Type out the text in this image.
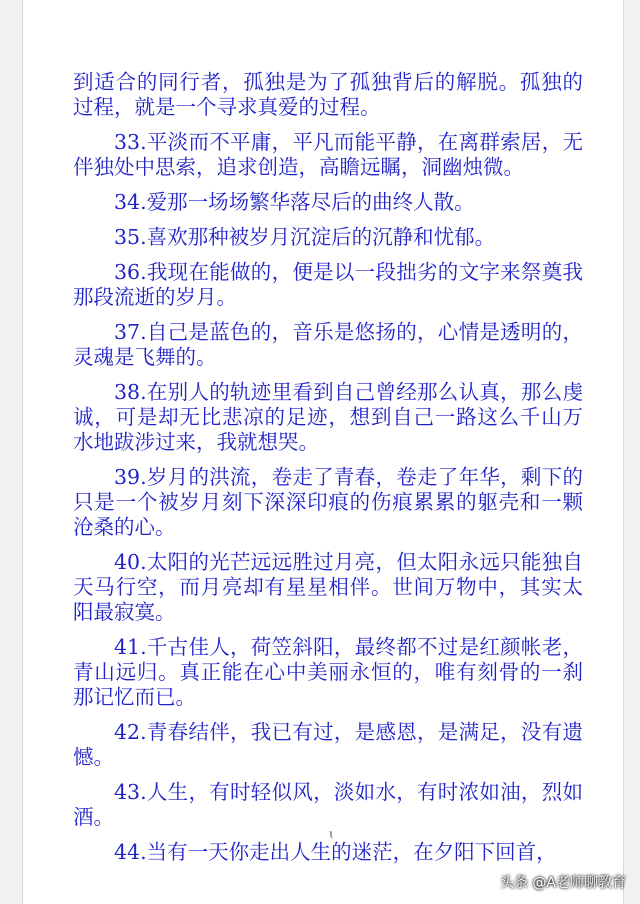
到适合的同行者，孤独是为了孤独背后的解脱。孤独的过程，就是一个寻求真爱的过程。

33.平淡而不平庸，平凡而能平静，在离群索居，无伴独处中思索，追求创造，高瞻远瞩，洞幽烛微。

34.爱那一场场繁华落尽后的曲终人散。

35.喜欢那种被岁月沉淀后的沉静和忧郁。

36.我现在能做的，便是以一段拙劣的文字来祭奠我那段流逝的岁月。

37.自己是蓝色的，音乐是悠扬的，心情是透明的，灵魂是飞舞的。

38.在别人的轨迹里看到自己曾经那么认真，那么虔诚，可是却无比悲凉的足迹，想到自己一路这么千山万水地跋涉过来，我就想哭。

39.岁月的洪流，卷走了青春，卷走了年华，剩下的只是一个被岁月刻下深深印痕的伤痕累累的躯壳和一颗沧桑的心。

40.太阳的光芒远远胜过月亮，但太阳永远只能独自天马行空，而月亮却有星星相伴。世间万物中，其实太阳最寂寞。

41.千古佳人，荷笠斜阳，最终都不过是红颜帐老，青山远归。真正能在心中美丽永恒的，唯有刻骨的一刹那记忆而已。

42.青春结伴，我已有过，是感恩，是满足，没有遗憾。

43.人生，有时轻似风，淡如水，有时浓如油，烈如酒。

44.当有一天你走出人生的迷茫，在夕阳下回首，

ɩ
头条 @A老师聊教育
